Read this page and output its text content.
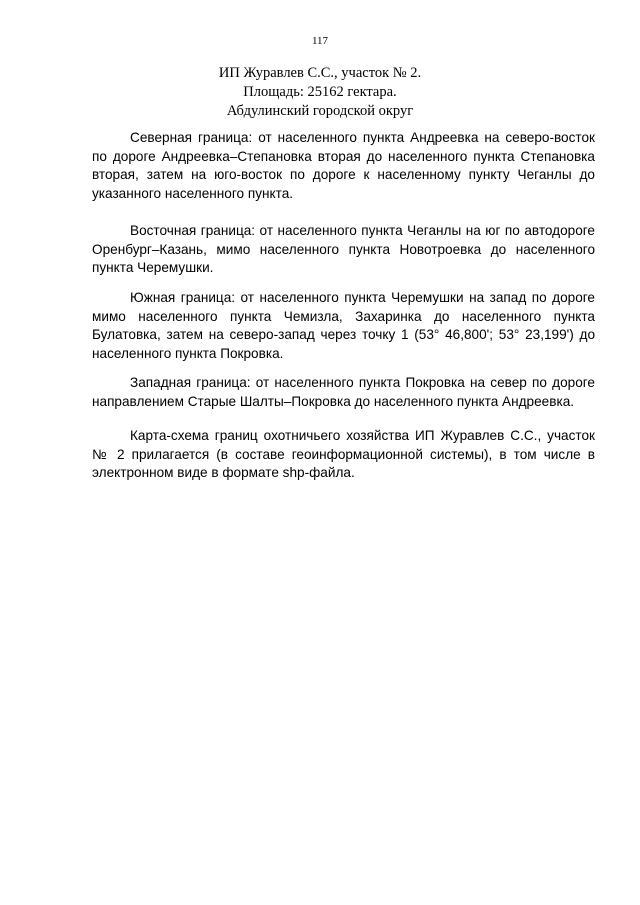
117
ИП Журавлев С.С., участок № 2.
Площадь: 25162 гектара.
Абдулинский городской округ

Северная граница: от населенного пункта Андреевка на северо-восток по дороге Андреевка–Степановка вторая до населенного пункта Степановка вторая, затем на юго-восток по дороге к населенному пункту Чеганлы до указанного населенного пункта.

Восточная граница: от населенного пункта Чеганлы на юг по автодороге Оренбург–Казань, мимо населенного пункта Новотроевка до населенного пункта Черемушки.

Южная граница: от населенного пункта Черемушки на запад по дороге мимо населенного пункта Чемизла, Захаринка до населенного пункта Булатовка, затем на северо-запад через точку 1 (53° 46,800'; 53° 23,199') до населенного пункта Покровка.

Западная граница: от населенного пункта Покровка на север по дороге направлением Старые Шалты–Покровка до населенного пункта Андреевка.

Карта-схема границ охотничьего хозяйства ИП Журавлев С.С., участок № 2 прилагается (в составе геоинформационной системы), в том числе в электронном виде в формате shp-файла.
